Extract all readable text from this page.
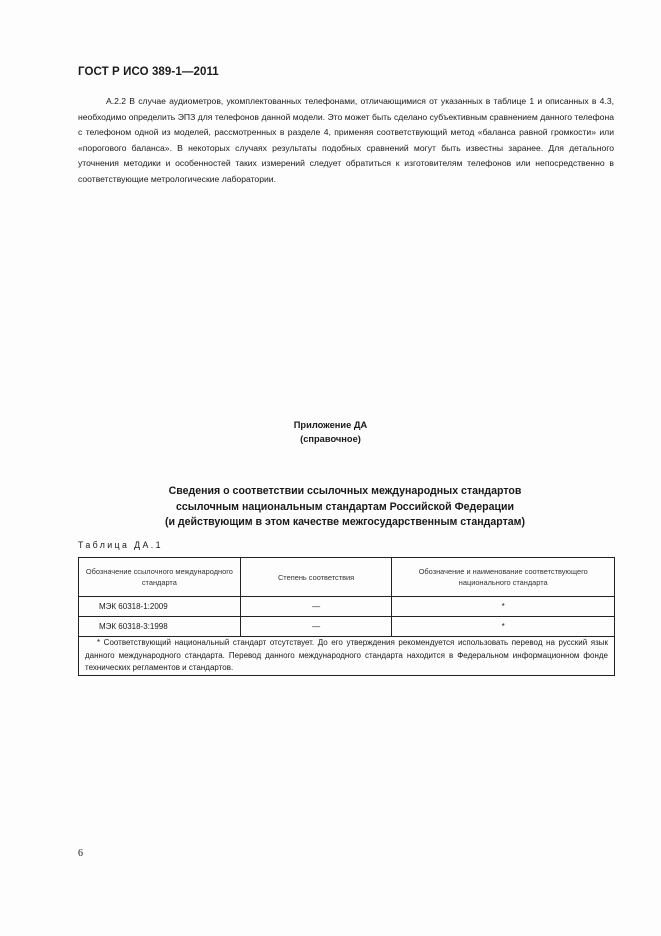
ГОСТ Р ИСО 389-1—2011

А.2.2 В случае аудиометров, укомплектованных телефонами, отличающимися от указанных в таблице 1 и описанных в 4.3, необходимо определить ЭПЗ для телефонов данной модели. Это может быть сделано субъективным сравнением данного телефона с телефоном одной из моделей, рассмотренных в разделе 4, применяя соответствующий метод «баланса равной громкости» или «порогового баланса». В некоторых случаях результаты подобных сравнений могут быть известны заранее. Для детального уточнения методики и особенностей таких измерений следует обратиться к изготовителям телефонов или непосредственно в соответствующие метрологические лаборатории.

Приложение ДА
(справочное)
Сведения о соответствии ссылочных международных стандартов
ссылочным национальным стандартам Российской Федерации
(и действующим в этом качестве межгосударственным стандартам)
Таблица ДА.1
Обозначение ссылочного международного стандарта	Степень соответствия	Обозначение и наименование соответствующего национального стандарта
МЭК 60318-1:2009	—	*
МЭК 60318-3:1998	—	*

* Соответствующий национальный стандарт отсутствует. До его утверждения рекомендуется использовать перевод на русский язык данного международного стандарта. Перевод данного международного стандарта находится в Федеральном информационном фонде технических регламентов и стандартов.		
6
